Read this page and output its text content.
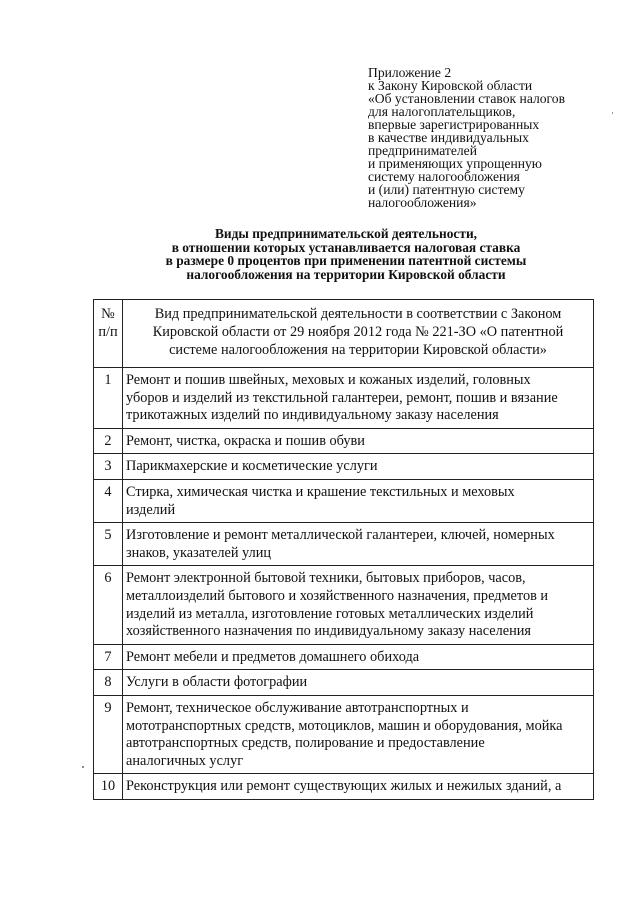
Приложение 2
к Закону Кировской области
«Об установлении ставок налогов
для налогоплательщиков,
впервые зарегистрированных
в качестве индивидуальных
предпринимателей
и применяющих упрощенную
систему налогообложения
и (или) патентную систему
налогообложения»
Виды предпринимательской деятельности,
в отношении которых устанавливается налоговая ставка
в размере 0 процентов при применении патентной системы
налогообложения на территории Кировской области
№
п/п	Вид предпринимательской деятельности в соответствии с Законом
Кировской области от 29 ноября 2012 года № 221-ЗО «О патентной
системе налогообложения на территории Кировской области»

1	Ремонт и пошив швейных, меховых и кожаных изделий, головных
уборов и изделий из текстильной галантереи, ремонт, пошив и вязание
трикотажных изделий по индивидуальному заказу населения

2	Ремонт, чистка, окраска и пошив обуви

3	Парикмахерские и косметические услуги

4	Стирка, химическая чистка и крашение текстильных и меховых
изделий

5	Изготовление и ремонт металлической галантереи, ключей, номерных
знаков, указателей улиц

6	Ремонт электронной бытовой техники, бытовых приборов, часов,
металлоизделий бытового и хозяйственного назначения, предметов и
изделий из металла, изготовление готовых металлических изделий
хозяйственного назначения по индивидуальному заказу населения

7	Ремонт мебели и предметов домашнего обихода

8	Услуги в области фотографии

9	Ремонт, техническое обслуживание автотранспортных и
мототранспортных средств, мотоциклов, машин и оборудования, мойка
автотранспортных средств, полирование и предоставление
аналогичных услуг

10	Реконструкция или ремонт существующих жилых и нежилых зданий, а
